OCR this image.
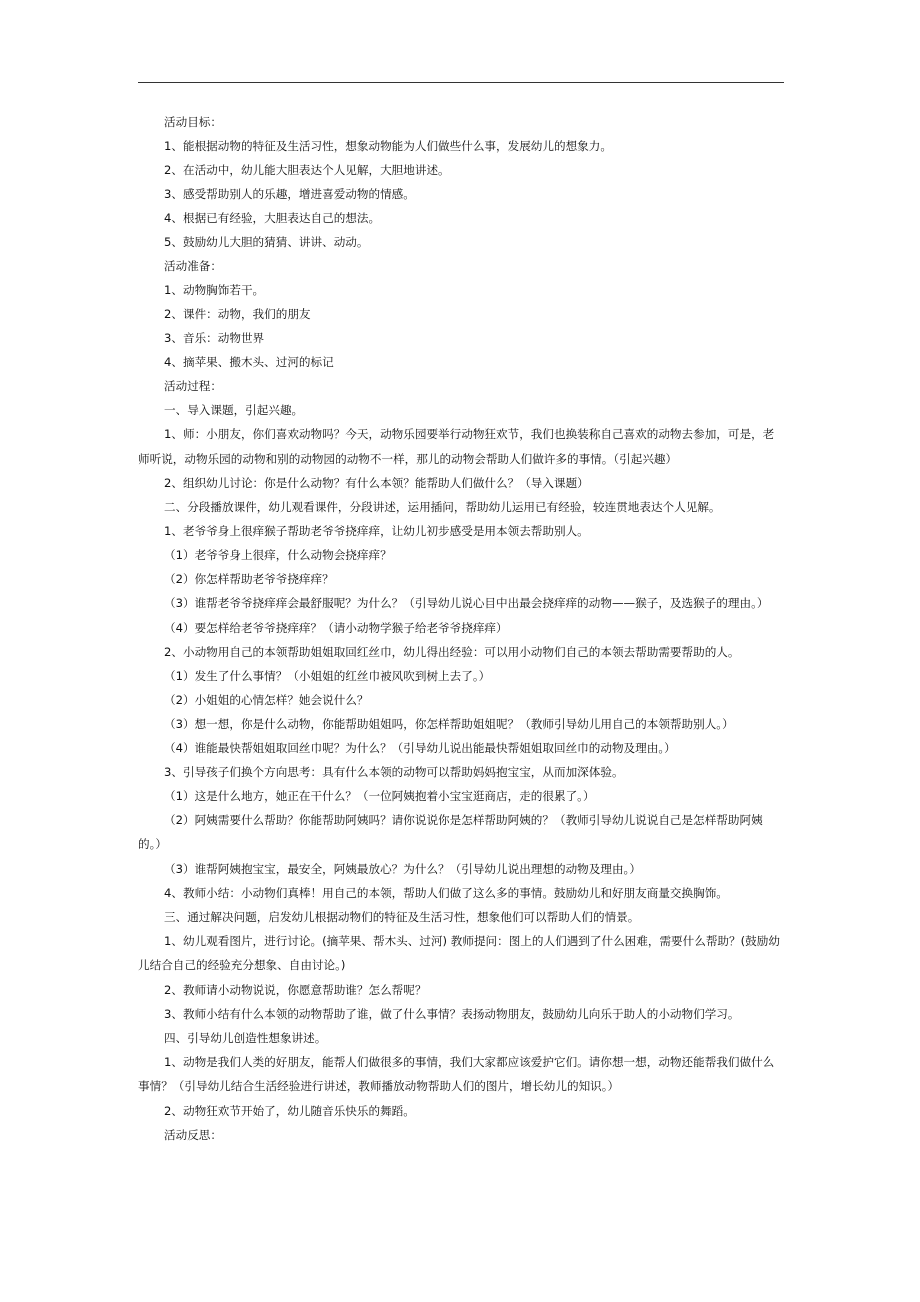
活动目标：

1、能根据动物的特征及生活习性，想象动物能为人们做些什么事，发展幼儿的想象力。

2、在活动中，幼儿能大胆表达个人见解，大胆地讲述。

3、感受帮助别人的乐趣，增进喜爱动物的情感。

4、根据已有经验，大胆表达自己的想法。

5、鼓励幼儿大胆的猜猜、讲讲、动动。

活动准备：

1、动物胸饰若干。

2、课件：动物，我们的朋友

3、音乐：动物世界

4、摘苹果、搬木头、过河的标记

活动过程：

一、导入课题，引起兴趣。

1、师：小朋友，你们喜欢动物吗？今天，动物乐园要举行动物狂欢节，我们也换装称自己喜欢的动物去参加，可是，老师听说，动物乐园的动物和别的动物园的动物不一样，那儿的动物会帮助人们做许多的事情。（引起兴趣）

2、组织幼儿讨论：你是什么动物？有什么本领？能帮助人们做什么？（导入课题）

二、分段播放课件，幼儿观看课件，分段讲述，运用插问，帮助幼儿运用已有经验，较连贯地表达个人见解。

1、老爷爷身上很痒猴子帮助老爷爷挠痒痒，让幼儿初步感受是用本领去帮助别人。

（1）老爷爷身上很痒，什么动物会挠痒痒？

（2）你怎样帮助老爷爷挠痒痒？

（3）谁帮老爷爷挠痒痒会最舒服呢？为什么？（引导幼儿说心目中出最会挠痒痒的动物——猴子，及选猴子的理由。）

（4）要怎样给老爷爷挠痒痒？（请小动物学猴子给老爷爷挠痒痒）

2、小动物用自己的本领帮助姐姐取回红丝巾，幼儿得出经验：可以用小动物们自己的本领去帮助需要帮助的人。

（1）发生了什么事情？（小姐姐的红丝巾被风吹到树上去了。）

（2）小姐姐的心情怎样？她会说什么？

（3）想一想，你是什么动物，你能帮助姐姐吗，你怎样帮助姐姐呢？（教师引导幼儿用自己的本领帮助别人。）

（4）谁能最快帮姐姐取回丝巾呢？为什么？（引导幼儿说出能最快帮姐姐取回丝巾的动物及理由。）

3、引导孩子们换个方向思考：具有什么本领的动物可以帮助妈妈抱宝宝，从而加深体验。

（1）这是什么地方，她正在干什么？（一位阿姨抱着小宝宝逛商店，走的很累了。）

（2）阿姨需要什么帮助？你能帮助阿姨吗？请你说说你是怎样帮助阿姨的？（教师引导幼儿说说自己是怎样帮助阿姨的。）

（3）谁帮阿姨抱宝宝，最安全，阿姨最放心？为什么？（引导幼儿说出理想的动物及理由。）

4、教师小结：小动物们真棒！用自己的本领，帮助人们做了这么多的事情。鼓励幼儿和好朋友商量交换胸饰。

三、通过解决问题，启发幼儿根据动物们的特征及生活习性，想象他们可以帮助人们的情景。

1、幼儿观看图片，进行讨论。(摘苹果、帮木头、过河) 教师提问：图上的人们遇到了什么困难，需要什么帮助？(鼓励幼儿结合自己的经验充分想象、自由讨论。)

2、教师请小动物说说，你愿意帮助谁？怎么帮呢？

3、教师小结有什么本领的动物帮助了谁，做了什么事情？表扬动物朋友，鼓励幼儿向乐于助人的小动物们学习。

四、引导幼儿创造性想象讲述。

1、动物是我们人类的好朋友，能帮人们做很多的事情，我们大家都应该爱护它们。请你想一想，动物还能帮我们做什么事情？（引导幼儿结合生活经验进行讲述，教师播放动物帮助人们的图片，增长幼儿的知识。）

2、动物狂欢节开始了，幼儿随音乐快乐的舞蹈。

活动反思：
